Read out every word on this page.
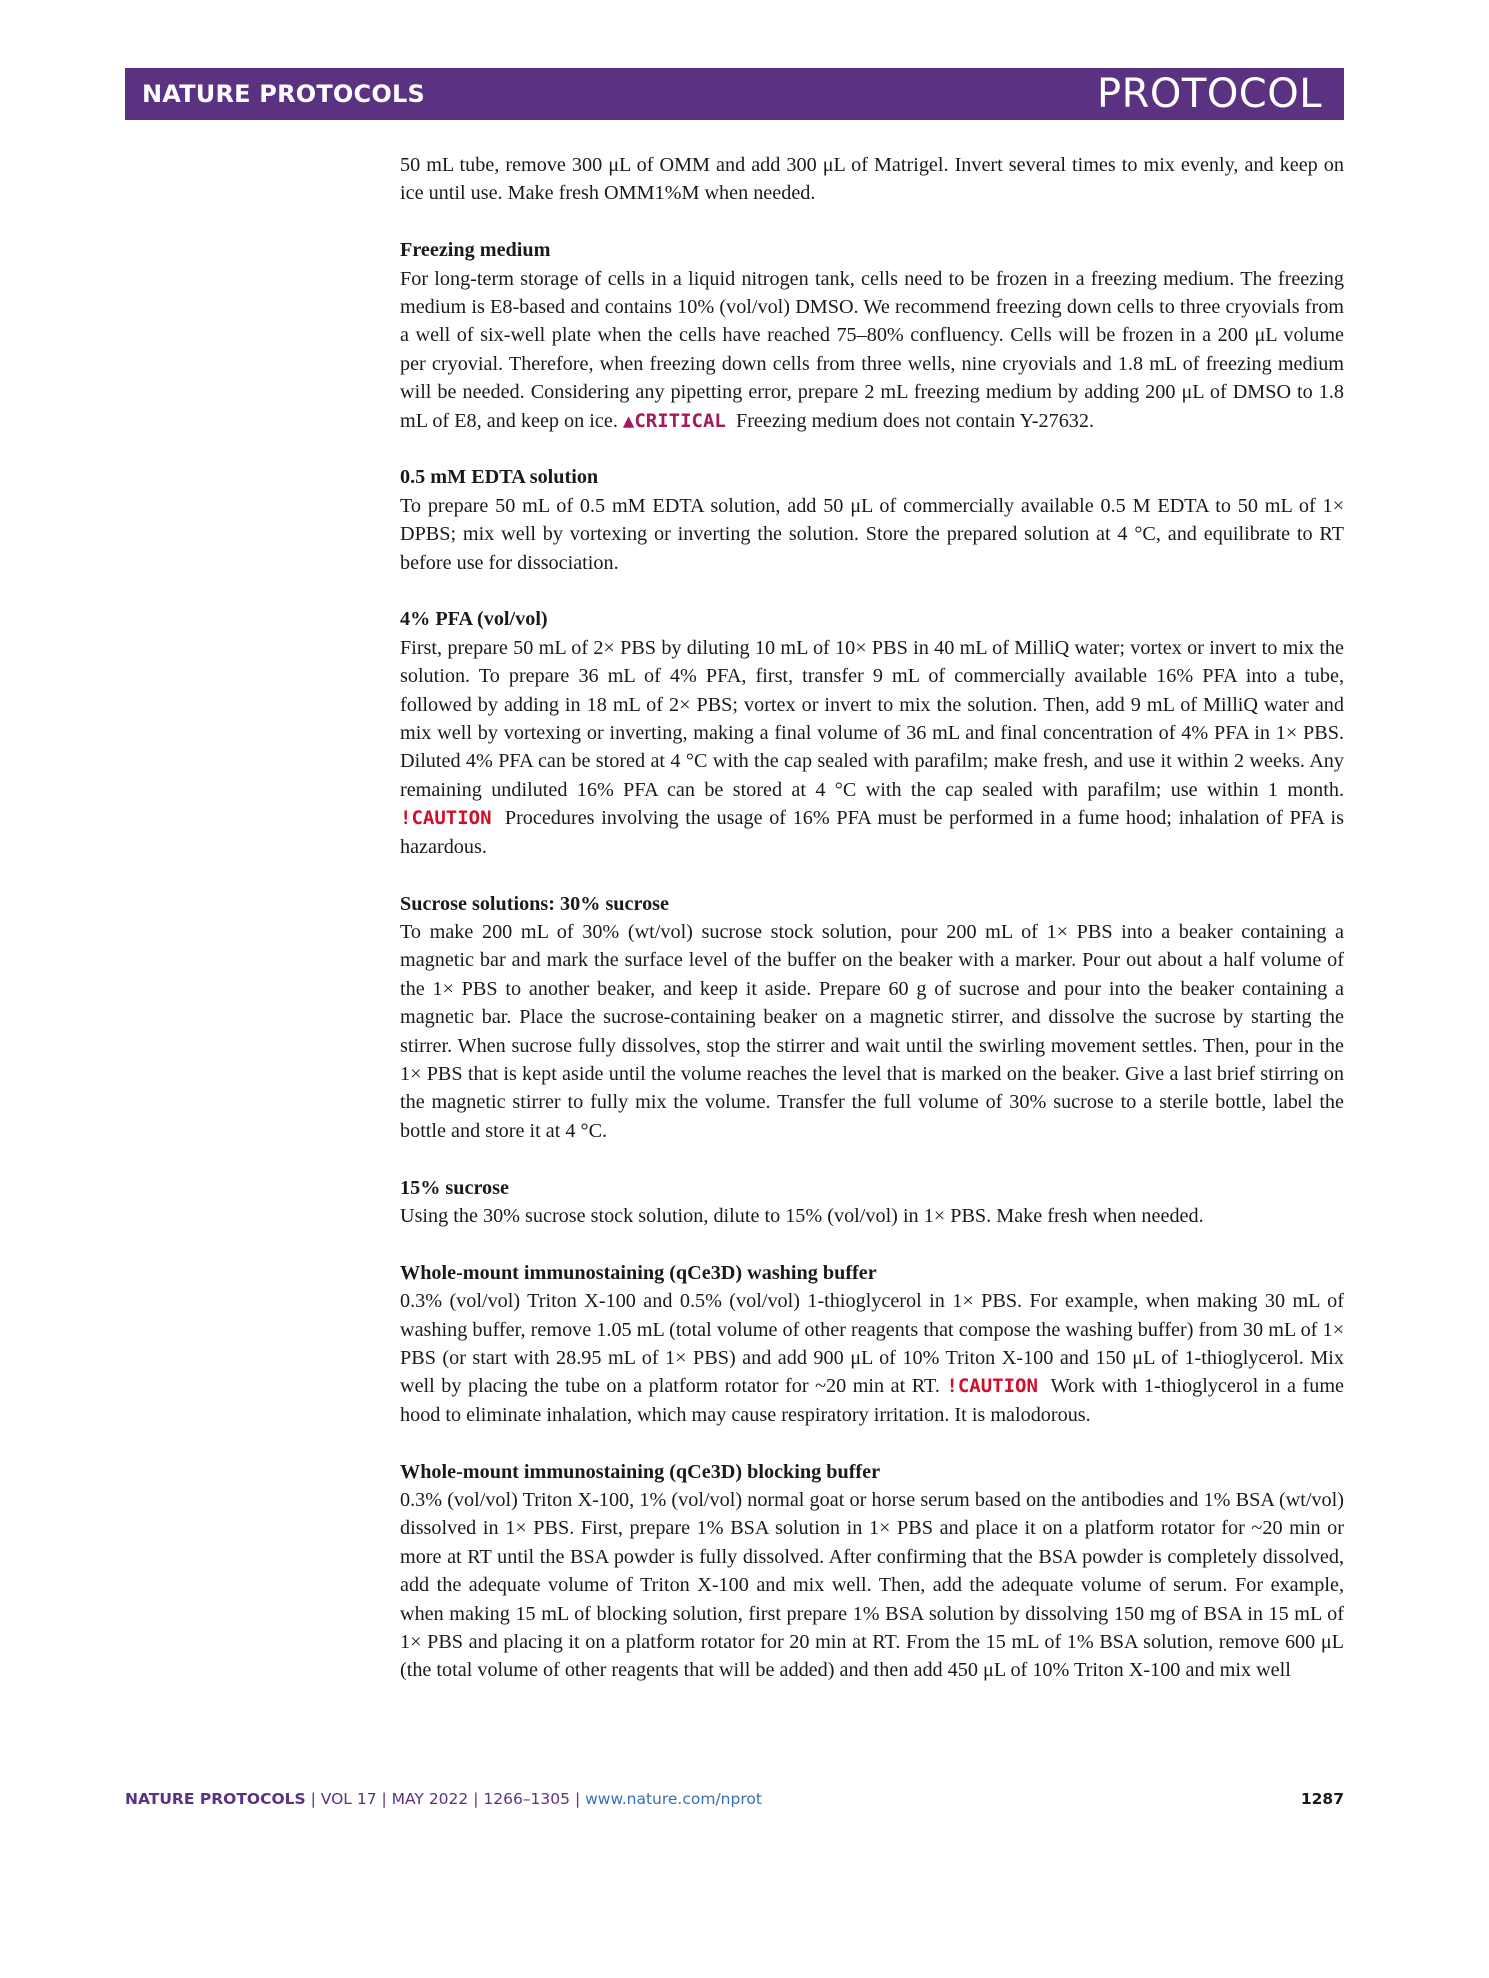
NATURE PROTOCOLS	PROTOCOL

50 mL tube, remove 300 μL of OMM and add 300 μL of Matrigel. Invert several times to mix evenly, and keep on ice until use. Make fresh OMM1%M when needed.

Freezing medium

For long-term storage of cells in a liquid nitrogen tank, cells need to be frozen in a freezing medium. The freezing medium is E8-based and contains 10% (vol/vol) DMSO. We recommend freezing down cells to three cryovials from a well of six-well plate when the cells have reached 75–80% confluency. Cells will be frozen in a 200 μL volume per cryovial. Therefore, when freezing down cells from three wells, nine cryovials and 1.8 mL of freezing medium will be needed. Considering any pipetting error, prepare 2 mL freezing medium by adding 200 μL of DMSO to 1.8 mL of E8, and keep on ice. ▲CRITICAL Freezing medium does not contain Y-27632.

0.5 mM EDTA solution

To prepare 50 mL of 0.5 mM EDTA solution, add 50 μL of commercially available 0.5 M EDTA to 50 mL of 1× DPBS; mix well by vortexing or inverting the solution. Store the prepared solution at 4 °C, and equilibrate to RT before use for dissociation.

4% PFA (vol/vol)

First, prepare 50 mL of 2× PBS by diluting 10 mL of 10× PBS in 40 mL of MilliQ water; vortex or invert to mix the solution. To prepare 36 mL of 4% PFA, first, transfer 9 mL of commercially available 16% PFA into a tube, followed by adding in 18 mL of 2× PBS; vortex or invert to mix the solution. Then, add 9 mL of MilliQ water and mix well by vortexing or inverting, making a final volume of 36 mL and final concentration of 4% PFA in 1× PBS. Diluted 4% PFA can be stored at 4 °C with the cap sealed with parafilm; make fresh, and use it within 2 weeks. Any remaining undiluted 16% PFA can be stored at 4 °C with the cap sealed with parafilm; use within 1 month. !CAUTION Procedures involving the usage of 16% PFA must be performed in a fume hood; inhalation of PFA is hazardous.

Sucrose solutions: 30% sucrose

To make 200 mL of 30% (wt/vol) sucrose stock solution, pour 200 mL of 1× PBS into a beaker containing a magnetic bar and mark the surface level of the buffer on the beaker with a marker. Pour out about a half volume of the 1× PBS to another beaker, and keep it aside. Prepare 60 g of sucrose and pour into the beaker containing a magnetic bar. Place the sucrose-containing beaker on a magnetic stirrer, and dissolve the sucrose by starting the stirrer. When sucrose fully dissolves, stop the stirrer and wait until the swirling movement settles. Then, pour in the 1× PBS that is kept aside until the volume reaches the level that is marked on the beaker. Give a last brief stirring on the magnetic stirrer to fully mix the volume. Transfer the full volume of 30% sucrose to a sterile bottle, label the bottle and store it at 4 °C.

15% sucrose

Using the 30% sucrose stock solution, dilute to 15% (vol/vol) in 1× PBS. Make fresh when needed.

Whole-mount immunostaining (qCe3D) washing buffer

0.3% (vol/vol) Triton X-100 and 0.5% (vol/vol) 1-thioglycerol in 1× PBS. For example, when making 30 mL of washing buffer, remove 1.05 mL (total volume of other reagents that compose the washing buffer) from 30 mL of 1× PBS (or start with 28.95 mL of 1× PBS) and add 900 μL of 10% Triton X-100 and 150 μL of 1-thioglycerol. Mix well by placing the tube on a platform rotator for ~20 min at RT. !CAUTION Work with 1-thioglycerol in a fume hood to eliminate inhalation, which may cause respiratory irritation. It is malodorous.

Whole-mount immunostaining (qCe3D) blocking buffer

0.3% (vol/vol) Triton X-100, 1% (vol/vol) normal goat or horse serum based on the antibodies and 1% BSA (wt/vol) dissolved in 1× PBS. First, prepare 1% BSA solution in 1× PBS and place it on a platform rotator for ~20 min or more at RT until the BSA powder is fully dissolved. After confirming that the BSA powder is completely dissolved, add the adequate volume of Triton X-100 and mix well. Then, add the adequate volume of serum. For example, when making 15 mL of blocking solution, first prepare 1% BSA solution by dissolving 150 mg of BSA in 15 mL of 1× PBS and placing it on a platform rotator for 20 min at RT. From the 15 mL of 1% BSA solution, remove 600 μL (the total volume of other reagents that will be added) and then add 450 μL of 10% Triton X-100 and mix well

NATURE PROTOCOLS | VOL 17 | MAY 2022 | 1266–1305 | www.nature.com/nprot	1287
